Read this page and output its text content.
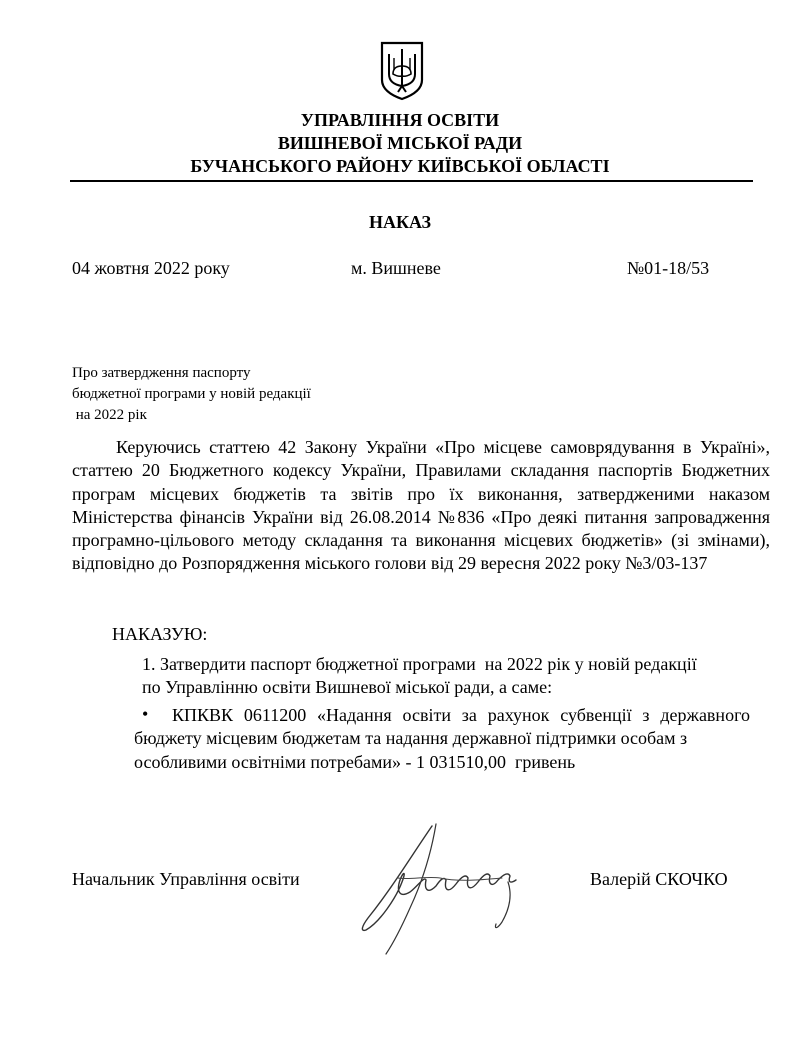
УПРАВЛІННЯ ОСВІТИ
ВИШНЕВОЇ МІСЬКОЇ РАДИ
БУЧАНСЬКОГО РАЙОНУ КИЇВСЬКОЇ ОБЛАСТІ
НАКАЗ
04 жовтня 2022 року	м. Вишневе	№01-18/53
Про затвердження паспорту
бюджетної програми у новій редакції
на 2022 рік
Керуючись статтею 42 Закону України «Про місцеве самоврядування в Україні», статтею 20 Бюджетного кодексу України, Правилами складання паспортів Бюджетних програм місцевих бюджетів та звітів про їх виконання, затвердженими наказом Міністерства фінансів України від 26.08.2014 №836 «Про деякі питання запровадження програмно-цільового методу складання та виконання місцевих бюджетів» (зі змінами), відповідно до Розпорядження міського голови від 29 вересня 2022 року №3/03-137
НАКАЗУЮ:
1. Затвердити паспорт бюджетної програми  на 2022 рік у новій редакції
по Управлінню освіти Вишневої міської ради, а саме:
• КПКВК 0611200 «Надання освіти за рахунок субвенції з державного
бюджету місцевим бюджетам та надання державної підтримки особам з особливими освітніми потребами» - 1 031510,00  гривень
Начальник Управління освіти	Валерій СКОЧКО
